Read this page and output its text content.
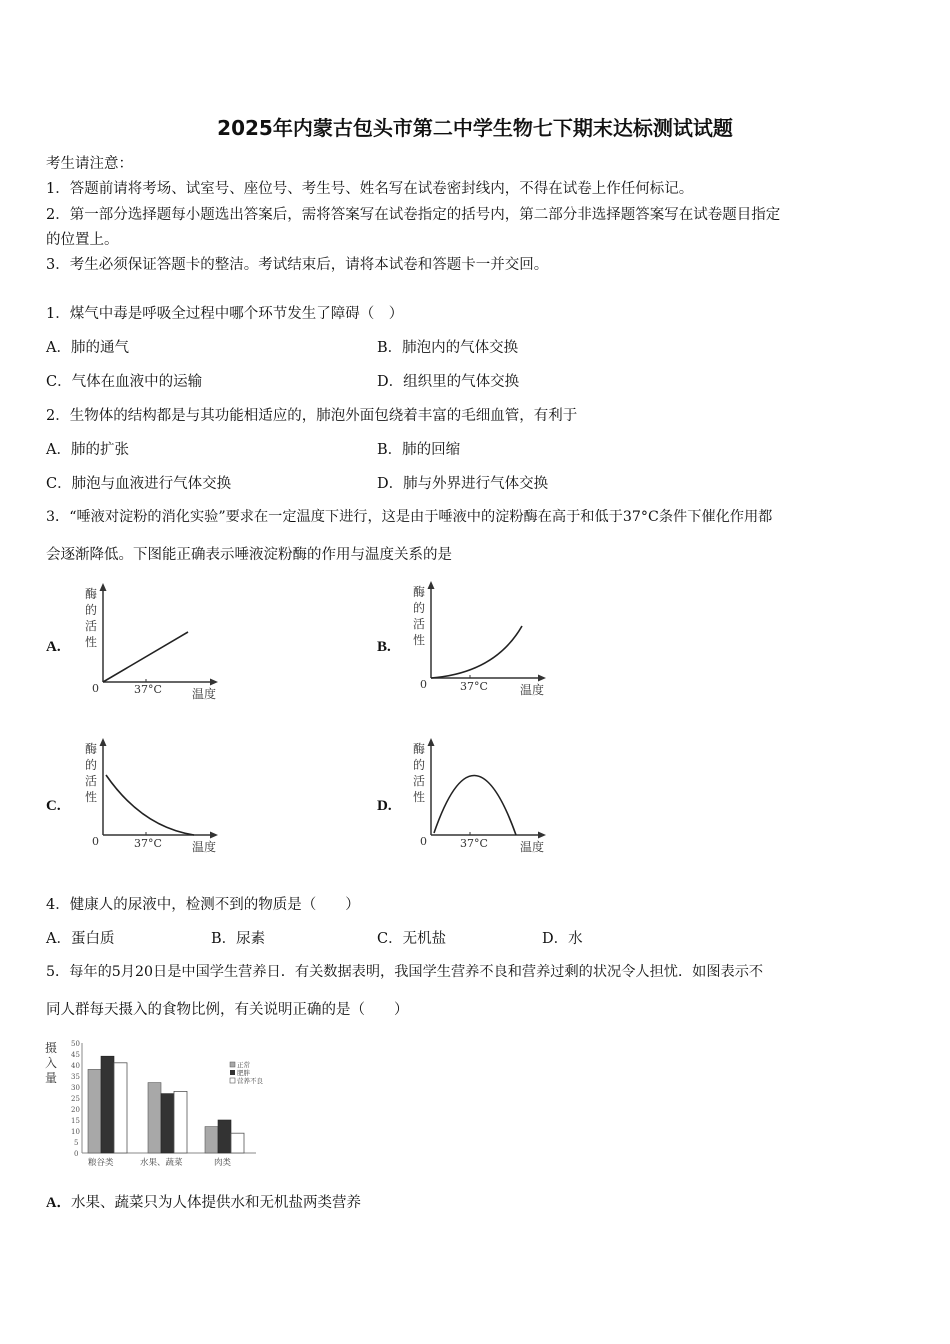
2025年内蒙古包头市第二中学生物七下期末达标测试试题
考生请注意：
1．答题前请将考场、试室号、座位号、考生号、姓名写在试卷密封线内，不得在试卷上作任何标记。
2．第一部分选择题每小题选出答案后，需将答案写在试卷指定的括号内，第二部分非选择题答案写在试卷题目指定
的位置上。
3．考生必须保证答题卡的整洁。考试结束后，请将本试卷和答题卡一并交回。
1．煤气中毒是呼吸全过程中哪个环节发生了障碍（　）
A．肺的通气	B．肺泡内的气体交换
C．气体在血液中的运输	D．组织里的气体交换
2．生物体的结构都是与其功能相适应的，肺泡外面包绕着丰富的毛细血管，有利于
A．肺的扩张	B．肺的回缩
C．肺泡与血液进行气体交换	D．肺与外界进行气体交换
3．“唾液对淀粉的消化实验”要求在一定温度下进行，这是由于唾液中的淀粉酶在高于和低于37°C条件下催化作用都
会逐渐降低。下图能正确表示唾液淀粉酶的作用与温度关系的是
A.
酶
的
活
性
0	37°C	温度
B.
酶
的
活
性
0	37°C	温度
C.
酶
的
活
性
0	37°C	温度
D.
酶
的
活
性
0	37°C	温度
4．健康人的尿液中，检测不到的物质是（　　）
A．蛋白质	B．尿素	C．无机盐	D．水
5．每年的5月20日是中国学生营养日．有关数据表明，我国学生营养不良和营养过剩的状况令人担忧．如图表示不
同人群每天摄入的食物比例，有关说明正确的是（　　）
50
45
40
35
30
25
20
15
10
5
0
摄
入
量
粮谷类	水果、蔬菜	肉类
正常
肥胖
营养不良
A．水果、蔬菜只为人体提供水和无机盐两类营养
